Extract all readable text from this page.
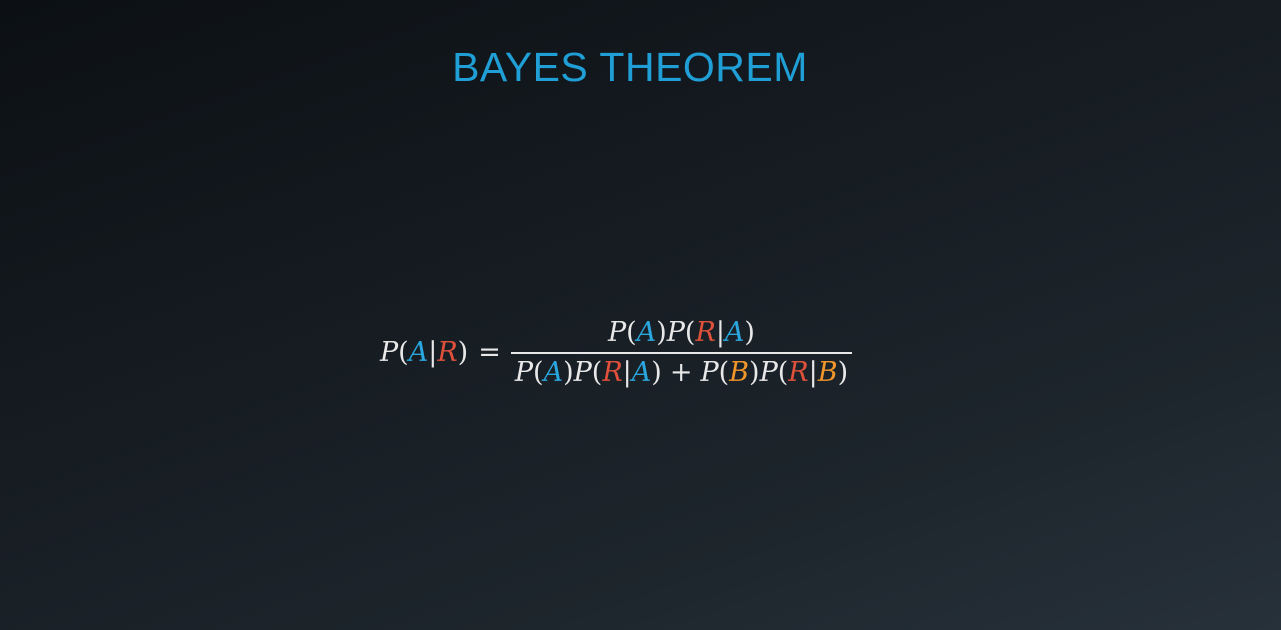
BAYES THEOREM
$P(A|R) = \frac{P(A)P(R|A)}{P(A)P(R|A) + P(B)P(R|B)}$
